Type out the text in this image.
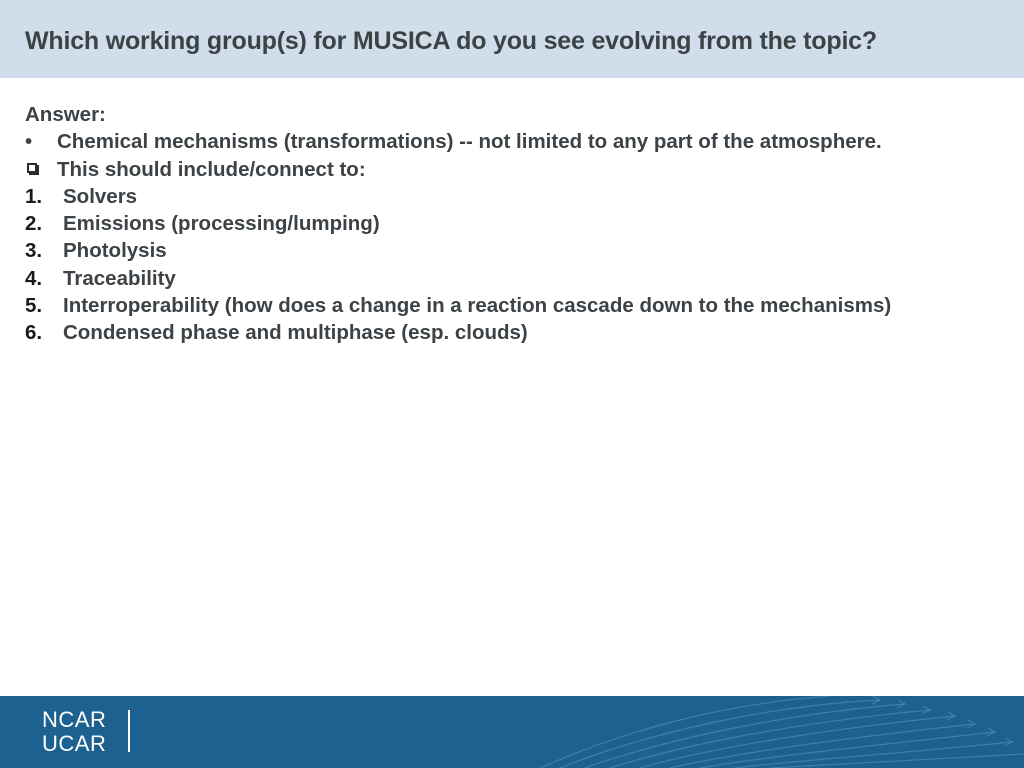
Which working group(s) for MUSICA do you see evolving from the topic?
Answer:
• Chemical mechanisms (transformations) -- not limited to any part of the atmosphere.
This should include/connect to:
1. Solvers
2. Emissions (processing/lumping)
3. Photolysis
4. Traceability
5. Interroperability (how does a change in a reaction cascade down to the mechanisms)
6. Condensed phase and multiphase (esp. clouds)
NCAR
UCAR
